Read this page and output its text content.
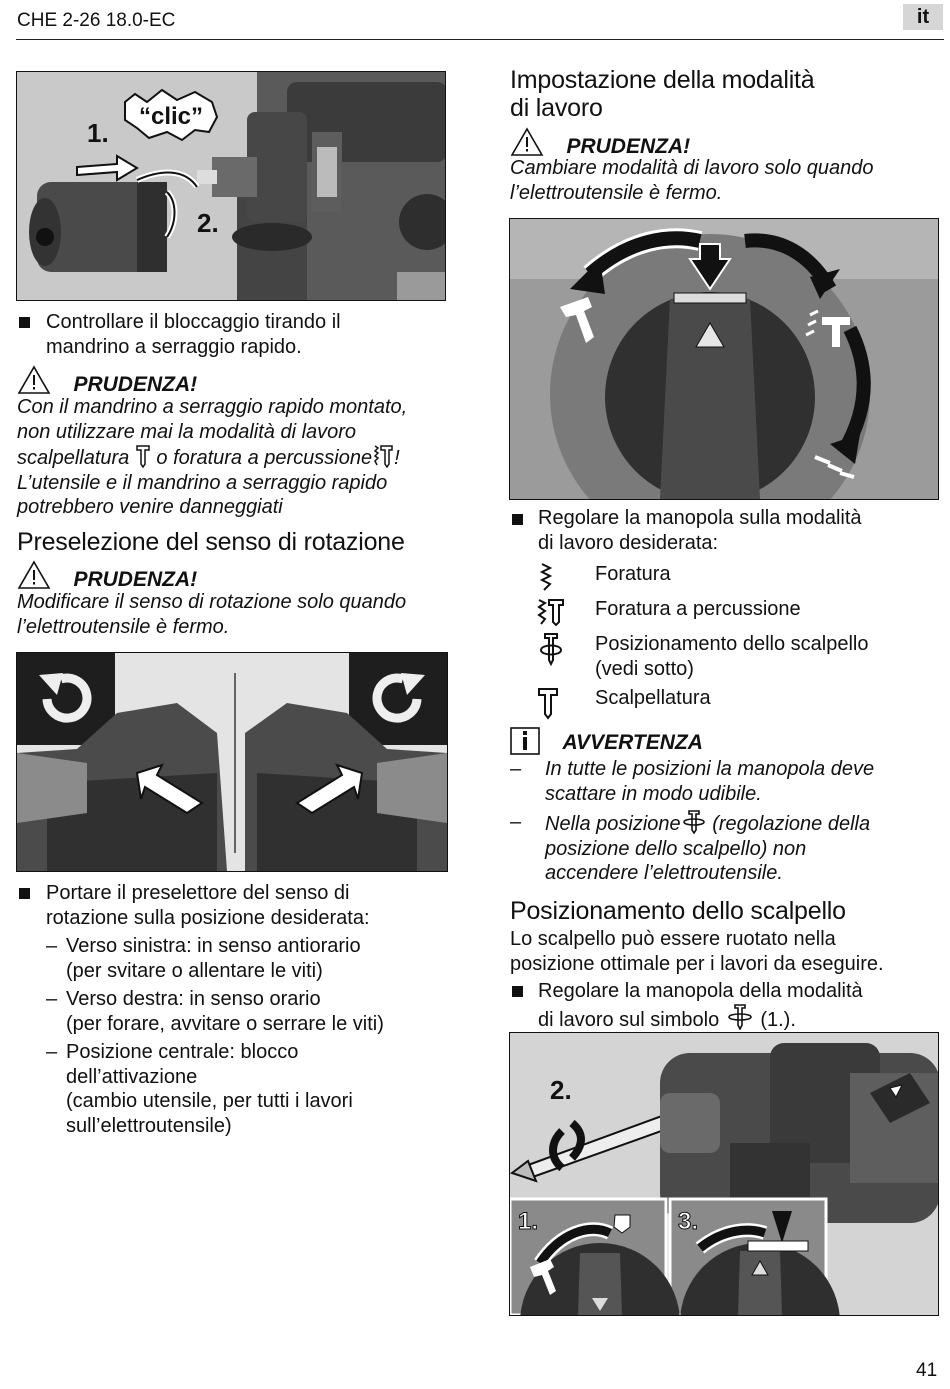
CHE 2-26 18.0-EC	it
“clic”
1.
2.
Controllare il bloccaggio tirando il
mandrino a serraggio rapido.
PRUDENZA!
Con il mandrino a serraggio rapido montato,
non utilizzare mai la modalità di lavoro
scalpellatura o foratura a percussione !
L’utensile e il mandrino a serraggio rapido
potrebbero venire danneggiati
Preselezione del senso di rotazione
PRUDENZA!
Modificare il senso di rotazione solo quando
l’elettroutensile è fermo.
Portare il preselettore del senso di
rotazione sulla posizione desiderata:
– Verso sinistra: in senso antiorario
(per svitare o allentare le viti)
– Verso destra: in senso orario
(per forare, avvitare o serrare le viti)
– Posizione centrale: blocco
dell’attivazione
(cambio utensile, per tutti i lavori
sull’elettroutensile)
Impostazione della modalità
di lavoro
PRUDENZA!
Cambiare modalità di lavoro solo quando
l’elettroutensile è fermo.
Regolare la manopola sulla modalità
di lavoro desiderata:
Foratura
Foratura a percussione
Posizionamento dello scalpello
(vedi sotto)
Scalpellatura
AVVERTENZA
– In tutte le posizioni la manopola deve
scattare in modo udibile.
– Nella posizione (regolazione della
posizione dello scalpello) non
accendere l’elettroutensile.
Posizionamento dello scalpello
Lo scalpello può essere ruotato nella
posizione ottimale per i lavori da eseguire.
Regolare la manopola della modalità
di lavoro sul simbolo (1.).
2.
1.	3.
41
